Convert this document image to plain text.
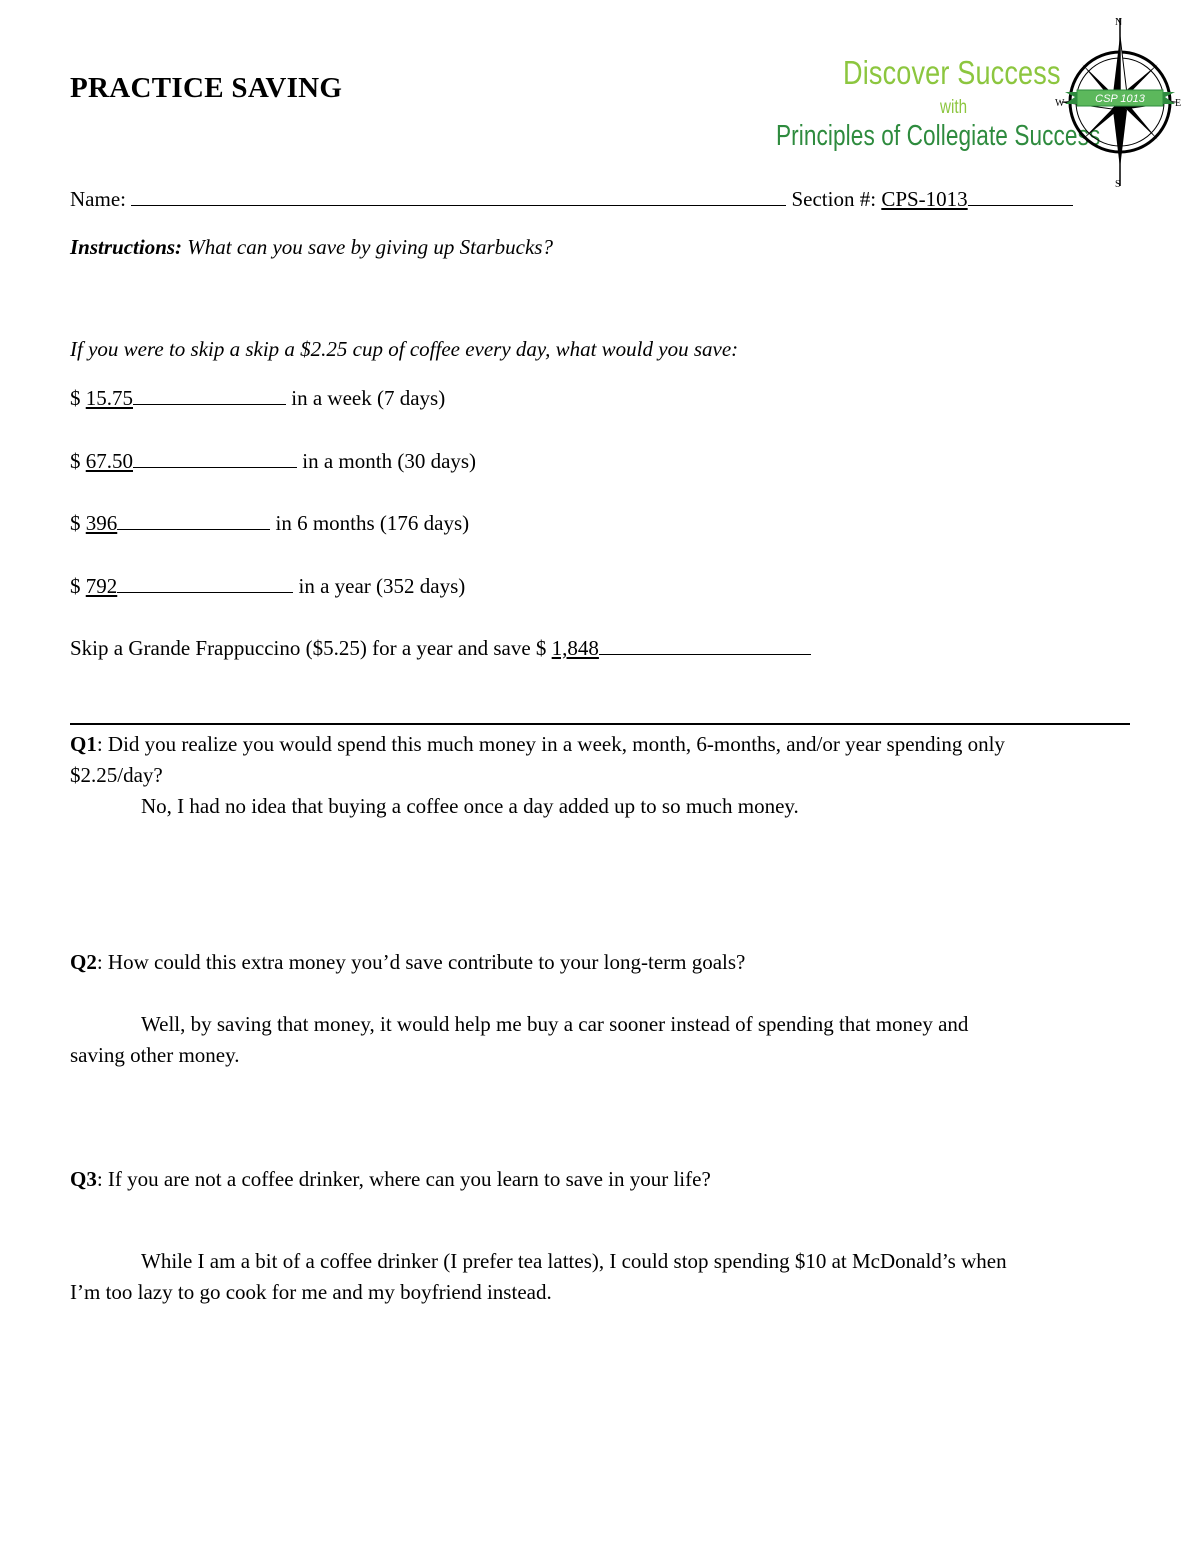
PRACTICE SAVING	Discover Success
with
Principles of Collegiate Success
N
S
E
W	CSP 1013
Name:	Section #: CPS-1013
Instructions: What can you save by giving up Starbucks?
If you were to skip a skip a $2.25 cup of coffee every day, what would you save:
$ 15.75	in a week (7 days)
$ 67.50	in a month (30 days)
$ 396	in 6 months (176 days)
$ 792	in a year (352 days)
Skip a Grande Frappuccino ($5.25) for a year and save $ 1,848
Q1: Did you realize you would spend this much money in a week, month, 6-months, and/or year spending only
$2.25/day?
No, I had no idea that buying a coffee once a day added up to so much money.
Q2: How could this extra money you’d save contribute to your long-term goals?
Well, by saving that money, it would help me buy a car sooner instead of spending that money and
saving other money.
Q3: If you are not a coffee drinker, where can you learn to save in your life?
While I am a bit of a coffee drinker (I prefer tea lattes), I could stop spending $10 at McDonald’s when
I’m too lazy to go cook for me and my boyfriend instead.
